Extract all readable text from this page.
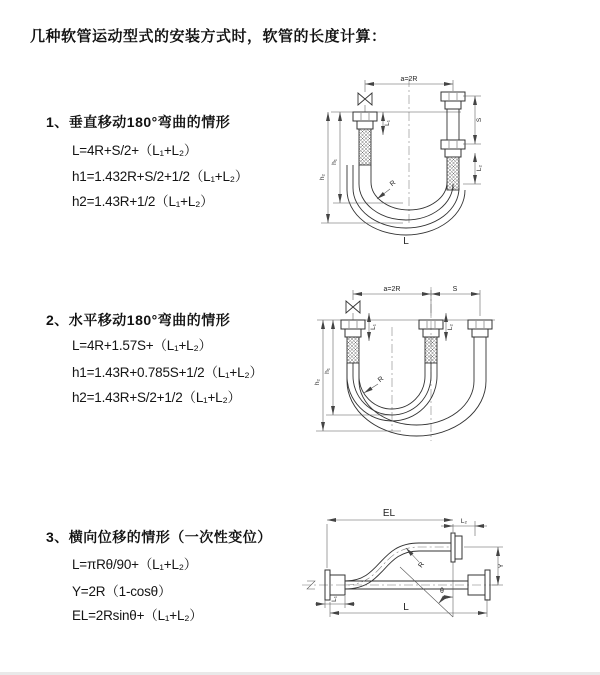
几种软管运动型式的安装方式时，软管的长度计算：
1、垂直移动180°弯曲的情形
L=4R+S/2+（L₁+L₂）
h1=1.432R+S/2+1/2（L₁+L₂）
h2=1.43R+1/2（L₁+L₂）
2、水平移动180°弯曲的情形
L=4R+1.57S+（L₁+L₂）
h1=1.43R+0.785S+1/2（L₁+L₂）
h2=1.43R+S/2+1/2（L₁+L₂）
3、横向位移的情形（一次性变位）
L=πRθ/90+（L₁+L₂）
Y=2R（1-cosθ）
EL=2Rsinθ+（L₁+L₂）
a=2R
L₁
h₁
h₂
S
L₂
R
L
a=2R	S
L₁	L₂
h₁
h₂	R
θ
EL
L₂
Y
R
L₁
L
